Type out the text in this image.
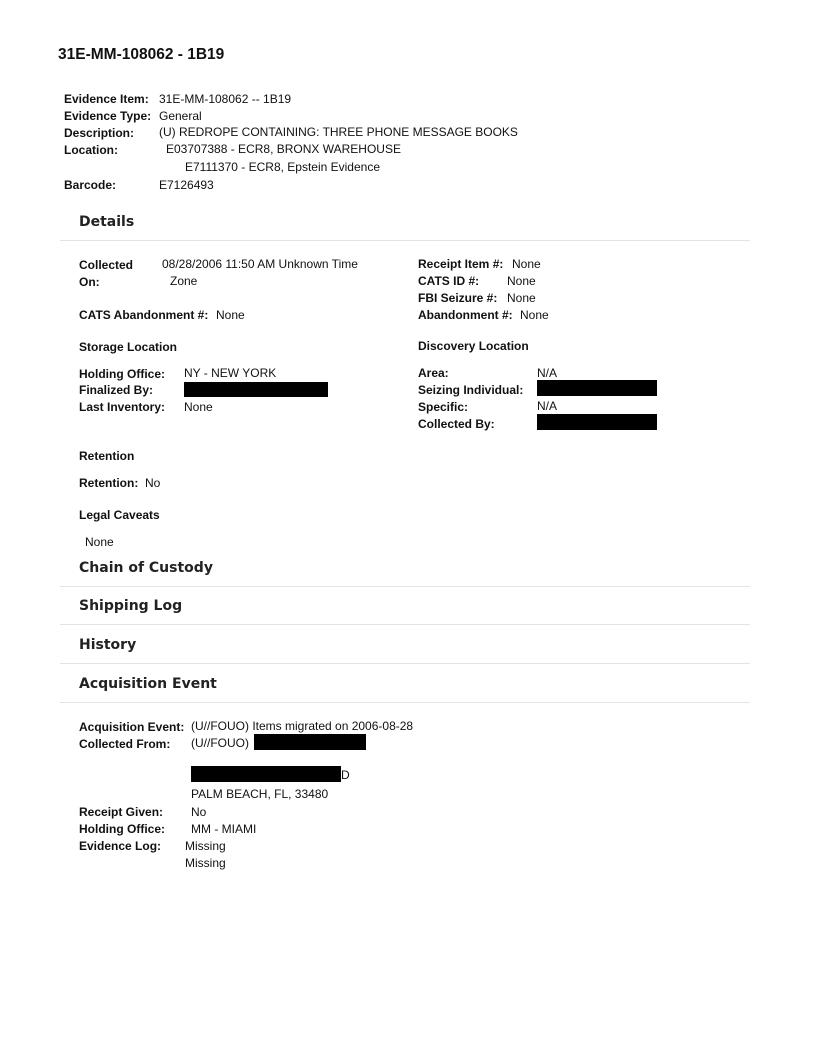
31E-MM-108062 - 1B19
Evidence Item: 31E-MM-108062 -- 1B19
Evidence Type: General
Description: (U) REDROPE CONTAINING: THREE PHONE MESSAGE BOOKS
Location:	E03707388 - ECR8, BRONX WAREHOUSE
E7111370 - ECR8, Epstein Evidence
Barcode:	E7126493
Details
Collected
On:
08/28/2006 11:50 AM Unknown Time
Zone
Receipt Item #: None
CATS ID #: None
FBI Seizure #: None
CATS Abandonment #: None	Abandonment #: None
Storage Location	Discovery Location
Holding Office: NY - NEW YORK
Finalized By:
Last Inventory: None
Area:	N/A
Seizing Individual:
Specific:	N/A
Collected By:
Retention
Retention: No
Legal Caveats
None
Chain of Custody
Shipping Log
History
Acquisition Event
Acquisition Event: (U//FOUO) Items migrated on 2006-08-28
Collected From: (U//FOUO)
D
PALM BEACH, FL, 33480
Receipt Given: No
Holding Office: MM - MIAMI
Evidence Log: Missing
Missing
